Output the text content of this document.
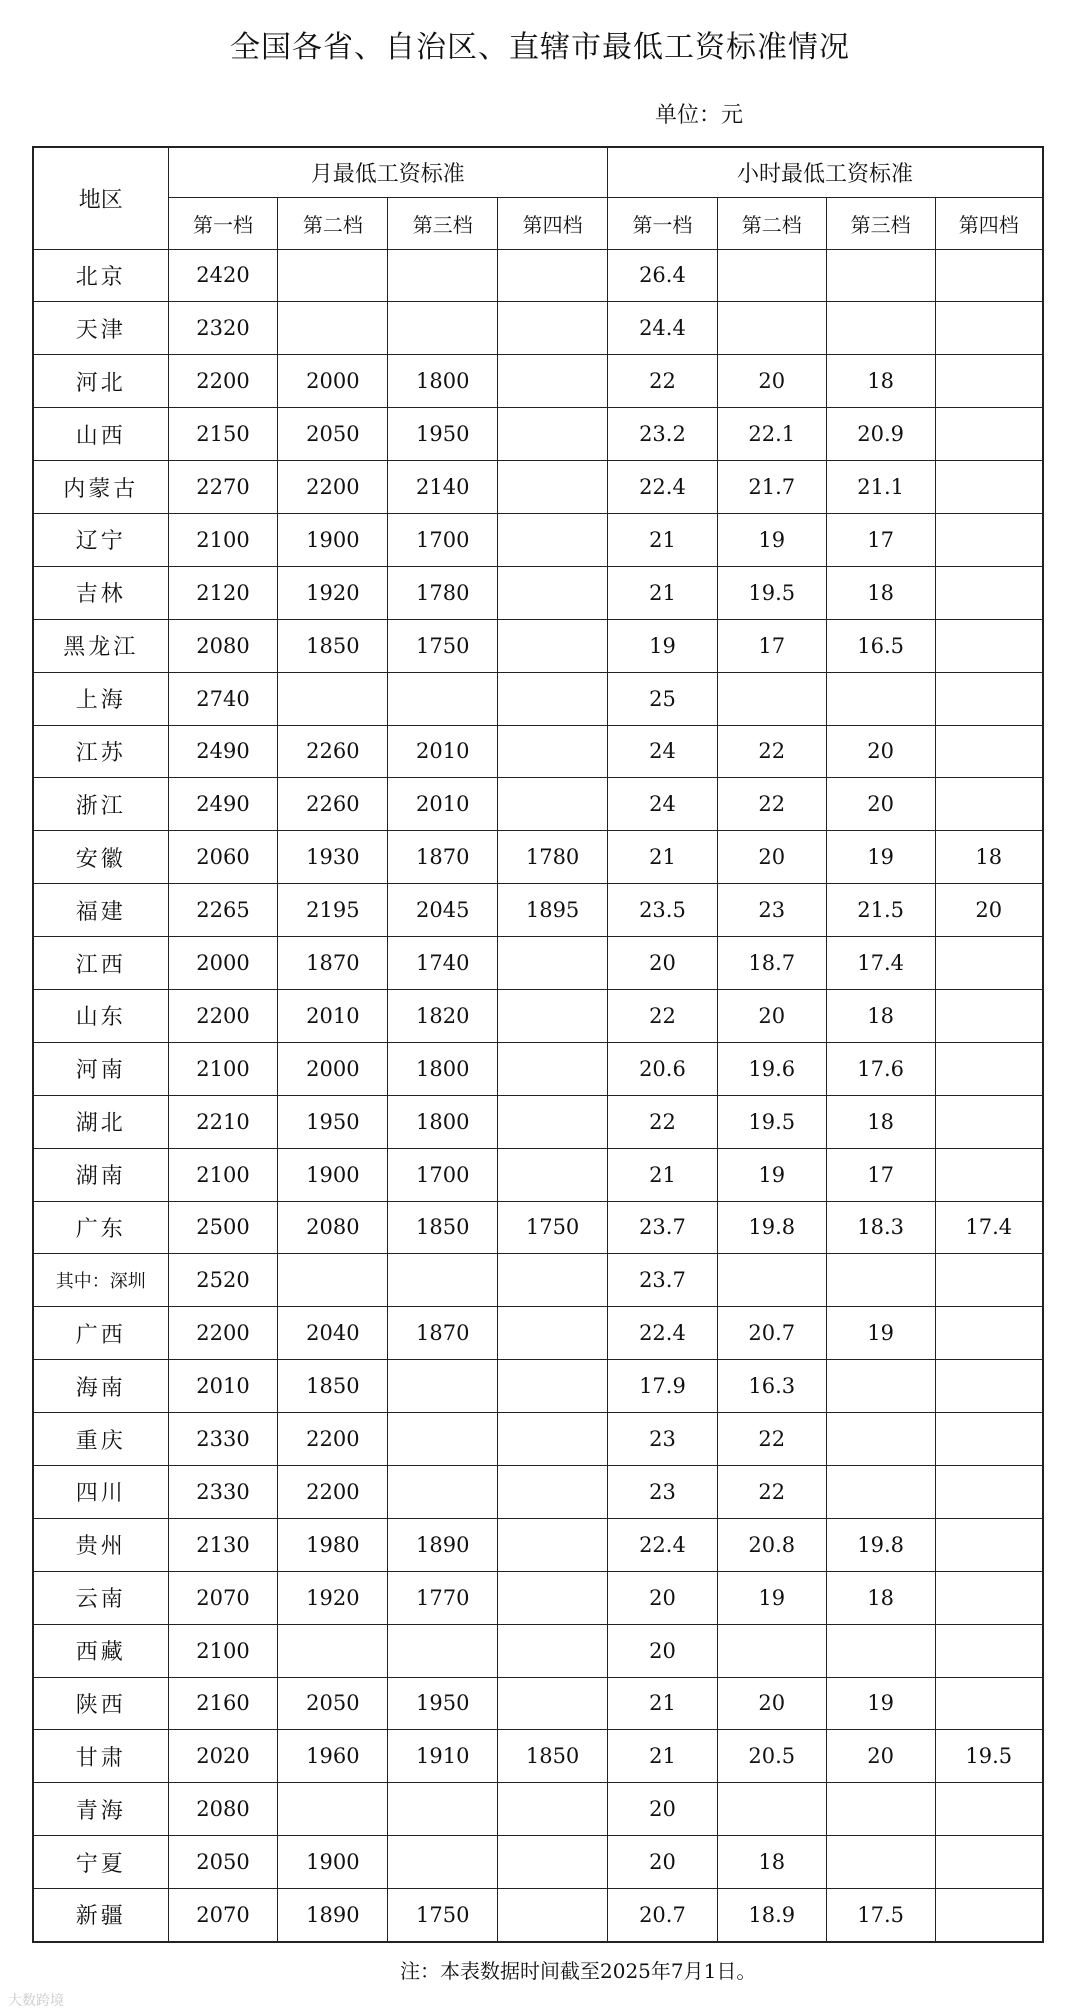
全国各省、自治区、直辖市最低工资标准情况
单位：元
地区	月最低工资标准				小时最低工资标准			
	第一档	第二档	第三档	第四档	第一档	第二档	第三档	第四档
北京	2420				26.4			
天津	2320				24.4			
河北	2200	2000	1800		22	20	18	
山西	2150	2050	1950		23.2	22.1	20.9	
内蒙古	2270	2200	2140		22.4	21.7	21.1	
辽宁	2100	1900	1700		21	19	17	
吉林	2120	1920	1780		21	19.5	18	
黑龙江	2080	1850	1750		19	17	16.5	
上海	2740				25			
江苏	2490	2260	2010		24	22	20	
浙江	2490	2260	2010		24	22	20	
安徽	2060	1930	1870	1780	21	20	19	18
福建	2265	2195	2045	1895	23.5	23	21.5	20
江西	2000	1870	1740		20	18.7	17.4	
山东	2200	2010	1820		22	20	18	
河南	2100	2000	1800		20.6	19.6	17.6	
湖北	2210	1950	1800		22	19.5	18	
湖南	2100	1900	1700		21	19	17	
广东	2500	2080	1850	1750	23.7	19.8	18.3	17.4
其中：深圳	2520				23.7			
广西	2200	2040	1870		22.4	20.7	19	
海南	2010	1850			17.9	16.3		
重庆	2330	2200			23	22		
四川	2330	2200			23	22		
贵州	2130	1980	1890		22.4	20.8	19.8	
云南	2070	1920	1770		20	19	18	
西藏	2100				20			
陕西	2160	2050	1950		21	20	19	
甘肃	2020	1960	1910	1850	21	20.5	20	19.5
青海	2080				20			
宁夏	2050	1900			20	18		
新疆	2070	1890	1750		20.7	18.9	17.5	
注：本表数据时间截至2025年7月1日。
大数跨境
